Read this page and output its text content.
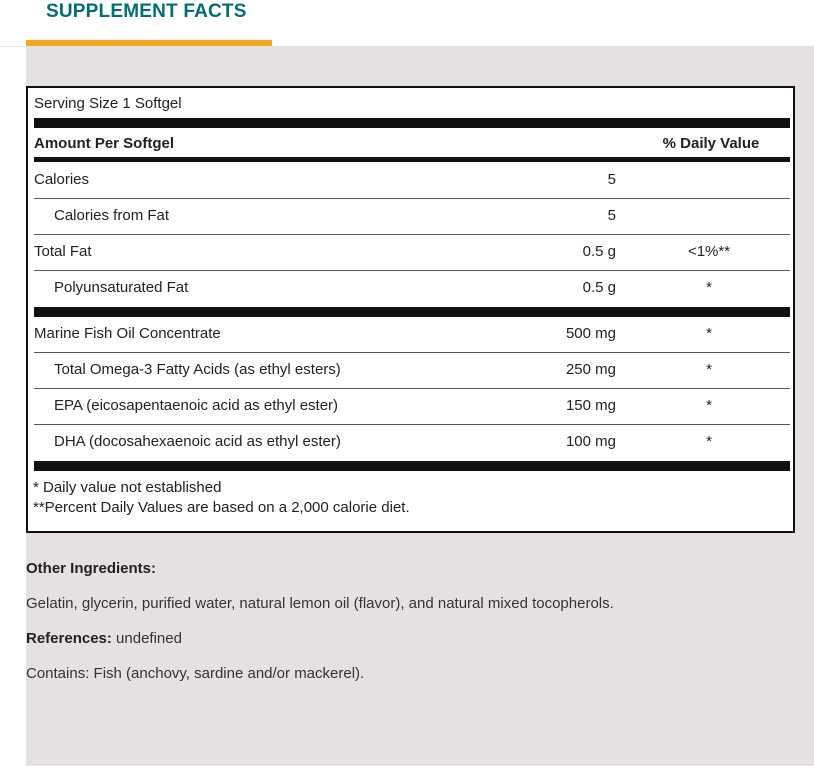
SUPPLEMENT FACTS
Serving Size 1 Softgel
Amount Per Softgel	% Daily Value
Calories	5
Calories from Fat	5
Total Fat	0.5 g	<1%**
Polyunsaturated Fat	0.5 g	*
Marine Fish Oil Concentrate	500 mg	*
Total Omega-3 Fatty Acids (as ethyl esters)	250 mg	*
EPA (eicosapentaenoic acid as ethyl ester)	150 mg	*
DHA (docosahexaenoic acid as ethyl ester)	100 mg	*
* Daily value not established
**Percent Daily Values are based on a 2,000 calorie diet.
Other Ingredients:
Gelatin, glycerin, purified water, natural lemon oil (flavor), and natural mixed tocopherols.
References: undefined
Contains: Fish (anchovy, sardine and/or mackerel).
